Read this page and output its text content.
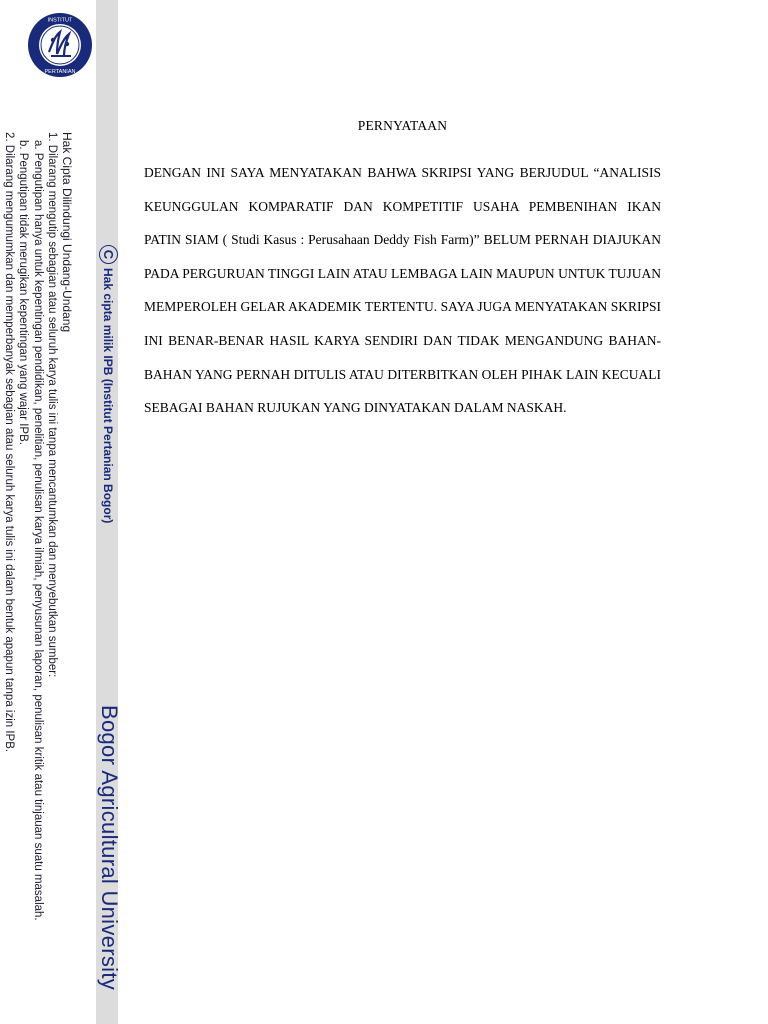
INSTITUT
PERTANIAN
Hak Cipta Dilindungi Undang-Undang
1. Dilarang mengutip sebagian atau seluruh karya tulis ini tanpa mencantumkan dan menyebutkan sumber:
a. Pengutipan hanya untuk kepentingan pendidikan, penelitian, penulisan karya ilmiah, penyusunan laporan, penulisan kritik atau tinjauan suatu masalah.
b. Pengutipan tidak merugikan kepentingan yang wajar IPB.
2. Dilarang mengumumkan dan memperbanyak sebagian atau seluruh karya tulis ini dalam bentuk apapun tanpa izin IPB.	C
Hak cipta milik IPB (Institut Pertanian Bogor)
Bogor Agricultural University

PERNYATAAN

DENGAN INI SAYA MENYATAKAN BAHWA SKRIPSI YANG BERJUDUL “ANALISIS KEUNGGULAN KOMPARATIF DAN KOMPETITIF USAHA PEMBENIHAN IKAN PATIN SIAM ( Studi Kasus : Perusahaan Deddy Fish Farm)” BELUM PERNAH DIAJUKAN PADA PERGURUAN TINGGI LAIN ATAU LEMBAGA LAIN MAUPUN UNTUK TUJUAN MEMPEROLEH GELAR AKADEMIK TERTENTU. SAYA JUGA MENYATAKAN SKRIPSI INI BENAR-BENAR HASIL KARYA SENDIRI DAN TIDAK MENGANDUNG BAHAN-BAHAN YANG PERNAH DITULIS ATAU DITERBITKAN OLEH PIHAK LAIN KECUALI SEBAGAI BAHAN RUJUKAN YANG DINYATAKAN DALAM NASKAH.
